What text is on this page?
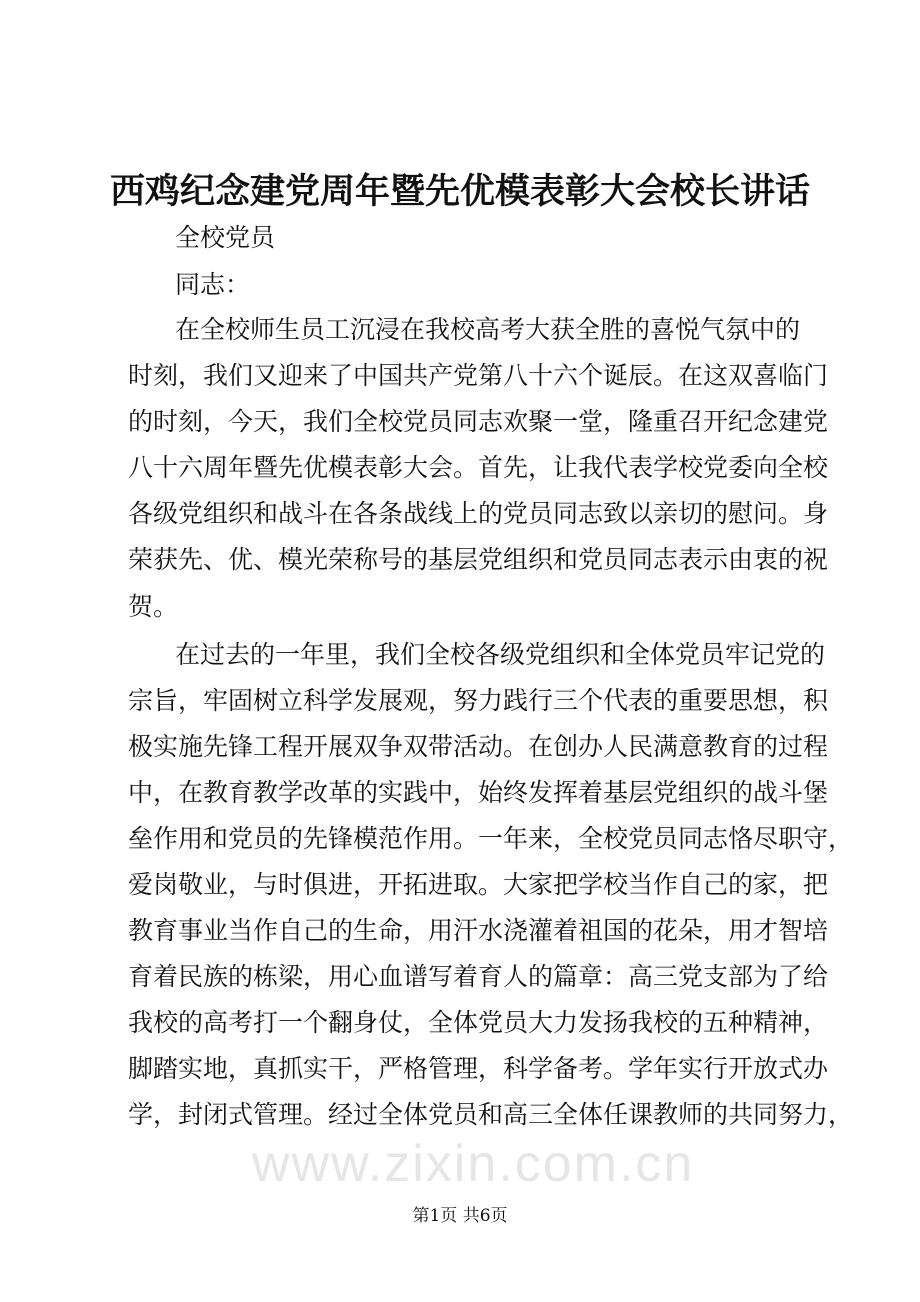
西鸡纪念建党周年暨先优模表彰大会校长讲话
全校党员
同志：
在全校师生员工沉浸在我校高考大获全胜的喜悦气氛中的
时刻，我们又迎来了中国共产党第八十六个诞辰。在这双喜临门
的时刻，今天，我们全校党员同志欢聚一堂，隆重召开纪念建党
八十六周年暨先优模表彰大会。首先，让我代表学校党委向全校
各级党组织和战斗在各条战线上的党员同志致以亲切的慰问。身
荣获先、优、模光荣称号的基层党组织和党员同志表示由衷的祝
贺。
在过去的一年里，我们全校各级党组织和全体党员牢记党的
宗旨，牢固树立科学发展观，努力践行三个代表的重要思想，积
极实施先锋工程开展双争双带活动。在创办人民满意教育的过程
中，在教育教学改革的实践中，始终发挥着基层党组织的战斗堡
垒作用和党员的先锋模范作用。一年来，全校党员同志恪尽职守，
爱岗敬业，与时俱进，开拓进取。大家把学校当作自己的家，把
教育事业当作自己的生命，用汗水浇灌着祖国的花朵，用才智培
育着民族的栋梁，用心血谱写着育人的篇章：高三党支部为了给
我校的高考打一个翻身仗，全体党员大力发扬我校的五种精神，
脚踏实地，真抓实干，严格管理，科学备考。学年实行开放式办
学，封闭式管理。经过全体党员和高三全体任课教师的共同努力，
www.zixin.com.cn
第1页 共6页
